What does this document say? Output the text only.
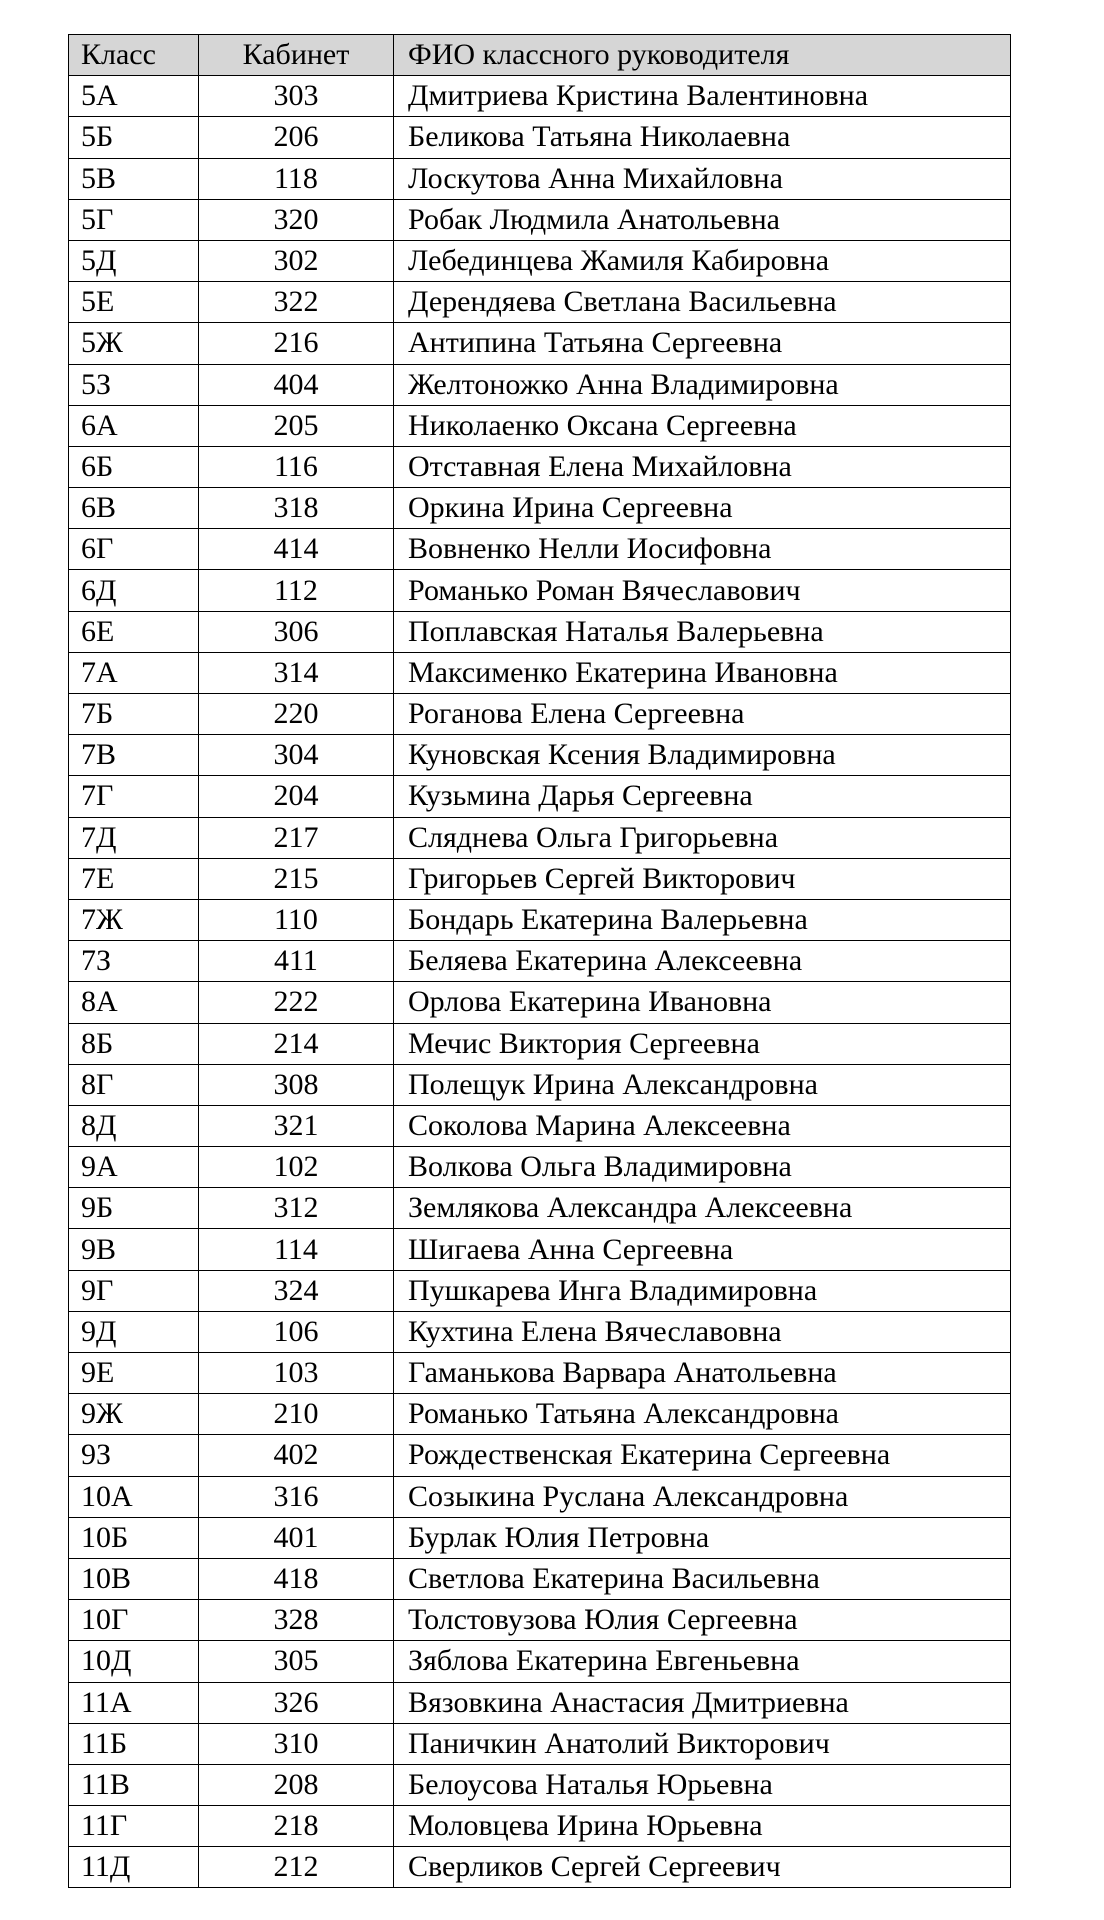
Класс	Кабинет	ФИО классного руководителя
5А	303	Дмитриева Кристина Валентиновна
5Б	206	Беликова Татьяна Николаевна
5В	118	Лоскутова Анна Михайловна
5Г	320	Робак Людмила Анатольевна
5Д	302	Лебединцева Жамиля Кабировна
5Е	322	Дерендяева Светлана Васильевна
5Ж	216	Антипина Татьяна Сергеевна
5З	404	Желтоножко Анна Владимировна
6А	205	Николаенко Оксана Сергеевна
6Б	116	Отставная Елена Михайловна
6В	318	Оркина Ирина Сергеевна
6Г	414	Вовненко Нелли Иосифовна
6Д	112	Романько Роман Вячеславович
6Е	306	Поплавская Наталья Валерьевна
7А	314	Максименко Екатерина Ивановна
7Б	220	Роганова Елена Сергеевна
7В	304	Куновская Ксения Владимировна
7Г	204	Кузьмина Дарья Сергеевна
7Д	217	Сляднева Ольга Григорьевна
7Е	215	Григорьев Сергей Викторович
7Ж	110	Бондарь Екатерина Валерьевна
7З	411	Беляева Екатерина Алексеевна
8А	222	Орлова Екатерина Ивановна
8Б	214	Мечис Виктория Сергеевна
8Г	308	Полещук Ирина Александровна
8Д	321	Соколова Марина Алексеевна
9А	102	Волкова Ольга Владимировна
9Б	312	Землякова Александра Алексеевна
9В	114	Шигаева Анна Сергеевна
9Г	324	Пушкарева Инга Владимировна
9Д	106	Кухтина Елена Вячеславовна
9Е	103	Гаманькова Варвара Анатольевна
9Ж	210	Романько Татьяна Александровна
9З	402	Рождественская Екатерина Сергеевна
10А	316	Созыкина Руслана Александровна
10Б	401	Бурлак Юлия Петровна
10В	418	Светлова Екатерина Васильевна
10Г	328	Толстовузова Юлия Сергеевна
10Д	305	Зяблова Екатерина Евгеньевна
11А	326	Вязовкина Анастасия Дмитриевна
11Б	310	Паничкин Анатолий Викторович
11В	208	Белоусова Наталья Юрьевна
11Г	218	Моловцева Ирина Юрьевна
11Д	212	Сверликов Сергей Сергеевич
